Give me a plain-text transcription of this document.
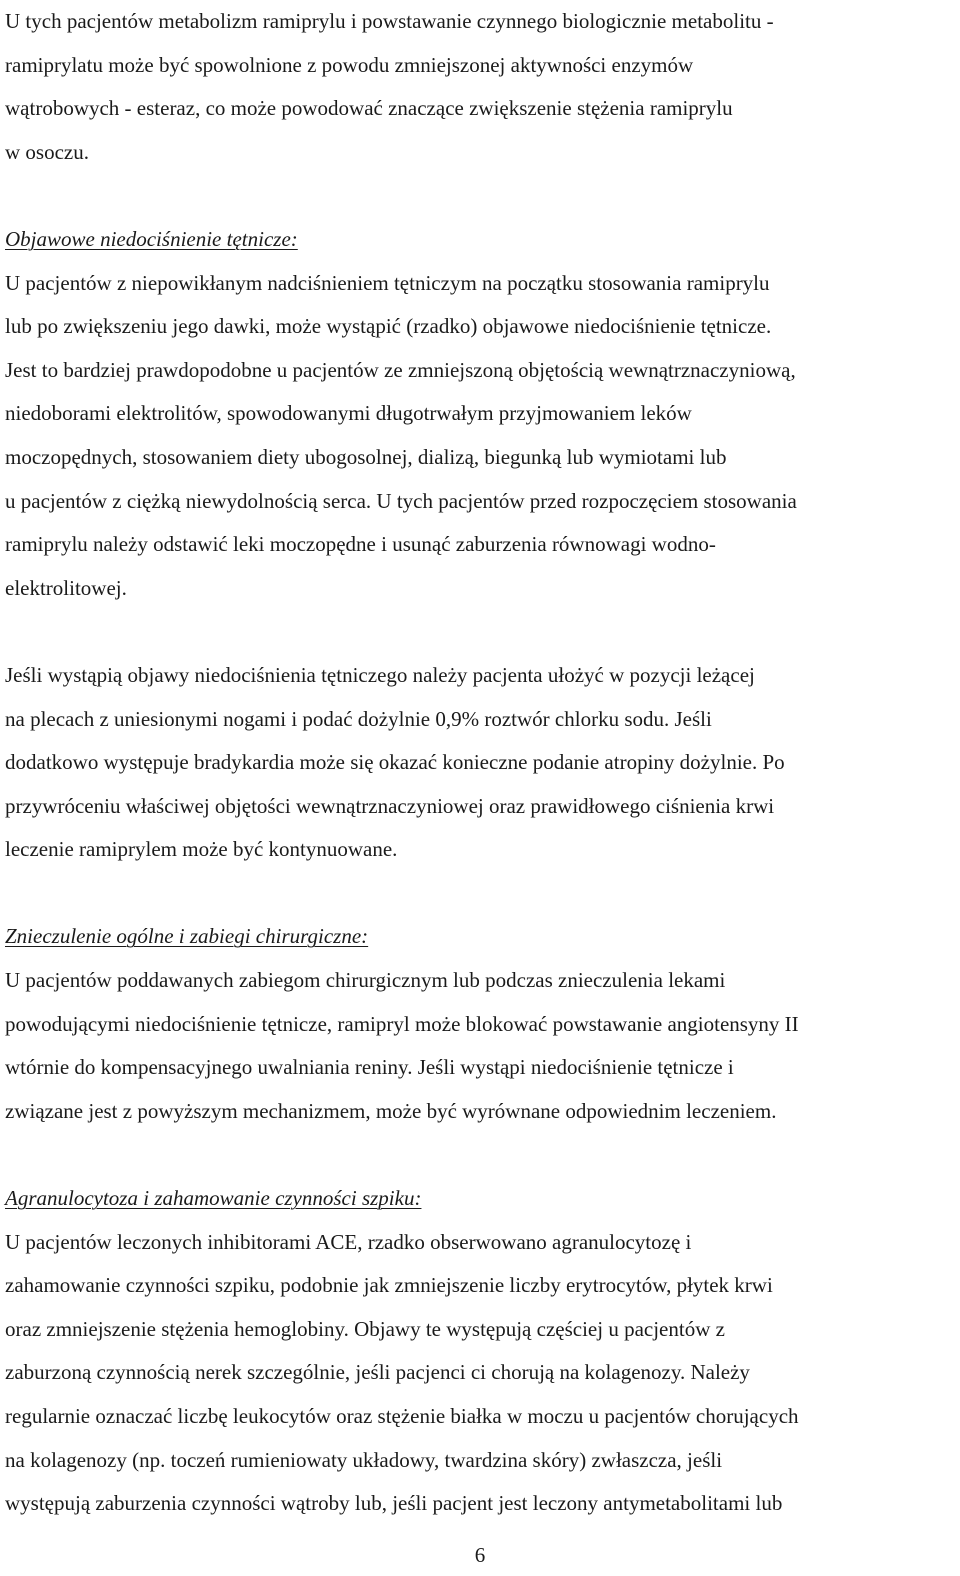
U tych pacjentów metabolizm ramiprylu i powstawanie czynnego biologicznie metabolitu -
ramiprylatu może być spowolnione z powodu zmniejszonej aktywności enzymów
wątrobowych - esteraz, co może powodować znaczące zwiększenie stężenia ramiprylu
w osoczu.

Objawowe niedociśnienie tętnicze:

U pacjentów z niepowikłanym nadciśnieniem tętniczym na początku stosowania ramiprylu
lub po zwiększeniu jego dawki, może wystąpić (rzadko) objawowe niedociśnienie tętnicze.
Jest to bardziej prawdopodobne u pacjentów ze zmniejszoną objętością wewnątrznaczyniową,
niedoborami elektrolitów, spowodowanymi długotrwałym przyjmowaniem leków
moczopędnych, stosowaniem diety ubogosolnej, dializą, biegunką lub wymiotami lub
u pacjentów z ciężką niewydolnością serca. U tych pacjentów przed rozpoczęciem stosowania
ramiprylu należy odstawić leki moczopędne i usunąć zaburzenia równowagi wodno-
elektrolitowej.

Jeśli wystąpią objawy niedociśnienia tętniczego należy pacjenta ułożyć w pozycji leżącej
na plecach z uniesionymi nogami i podać dożylnie 0,9% roztwór chlorku sodu. Jeśli
dodatkowo występuje bradykardia może się okazać konieczne podanie atropiny dożylnie. Po
przywróceniu właściwej objętości wewnątrznaczyniowej oraz prawidłowego ciśnienia krwi
leczenie ramiprylem może być kontynuowane.

Znieczulenie ogólne i zabiegi chirurgiczne:

U pacjentów poddawanych zabiegom chirurgicznym lub podczas znieczulenia lekami
powodującymi niedociśnienie tętnicze, ramipryl może blokować powstawanie angiotensyny II
wtórnie do kompensacyjnego uwalniania reniny. Jeśli wystąpi niedociśnienie tętnicze i
związane jest z powyższym mechanizmem, może być wyrównane odpowiednim leczeniem.

Agranulocytoza i zahamowanie czynności szpiku:

U pacjentów leczonych inhibitorami ACE, rzadko obserwowano agranulocytozę i
zahamowanie czynności szpiku, podobnie jak zmniejszenie liczby erytrocytów, płytek krwi
oraz zmniejszenie stężenia hemoglobiny. Objawy te występują częściej u pacjentów z
zaburzoną czynnością nerek szczególnie, jeśli pacjenci ci chorują na kolagenozy. Należy
regularnie oznaczać liczbę leukocytów oraz stężenie białka w moczu u pacjentów chorujących
na kolagenozy (np. toczeń rumieniowaty układowy, twardzina skóry) zwłaszcza, jeśli
występują zaburzenia czynności wątroby lub, jeśli pacjent jest leczony antymetabolitami lub

6
